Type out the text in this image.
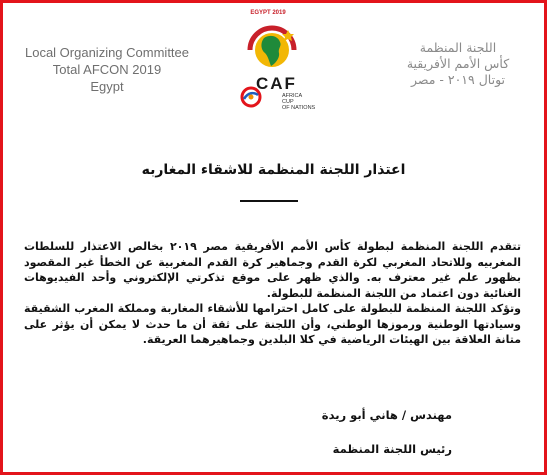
Local Organizing Committee
Total AFCON 2019
Egypt
EGYPT 2019
CAF
AFRICA
CUP
OF NATIONS
اللجنة المنظمة
كأس الأمم الأفريقية
توتال ٢٠١٩ - مصر
اعتذار اللجنة المنظمة للاشقاء المغاربه

تتقدم اللجنة المنظمة لبطولة كأس الأمم الأفريقية مصر ٢٠١٩ بخالص الاعتذار للسلطات المغربيه وللاتحاد المغربي لكرة القدم وجماهير كرة القدم المغربية عن الخطأ غير المقصود بظهور علم غير معترف به. والذي ظهر على موقع تذكرتي الإلكتروني وأحد الفيديوهات الغنائية دون اعتماد من اللجنة المنظمة للبطولة.

وتؤكد اللجنة المنظمة للبطولة على كامل احترامها للأشقاء المغاربة ومملكة المغرب الشقيقة وسيادتها الوطنية ورموزها الوطني، وأن اللجنة على ثقة أن ما حدث لا يمكن أن يؤثر على متانة العلاقة بين الهيئات الرياضية في كلا البلدين وجماهيرهما العريقة.

مهندس / هاني أبو ريدة
رئيس اللجنة المنظمة
